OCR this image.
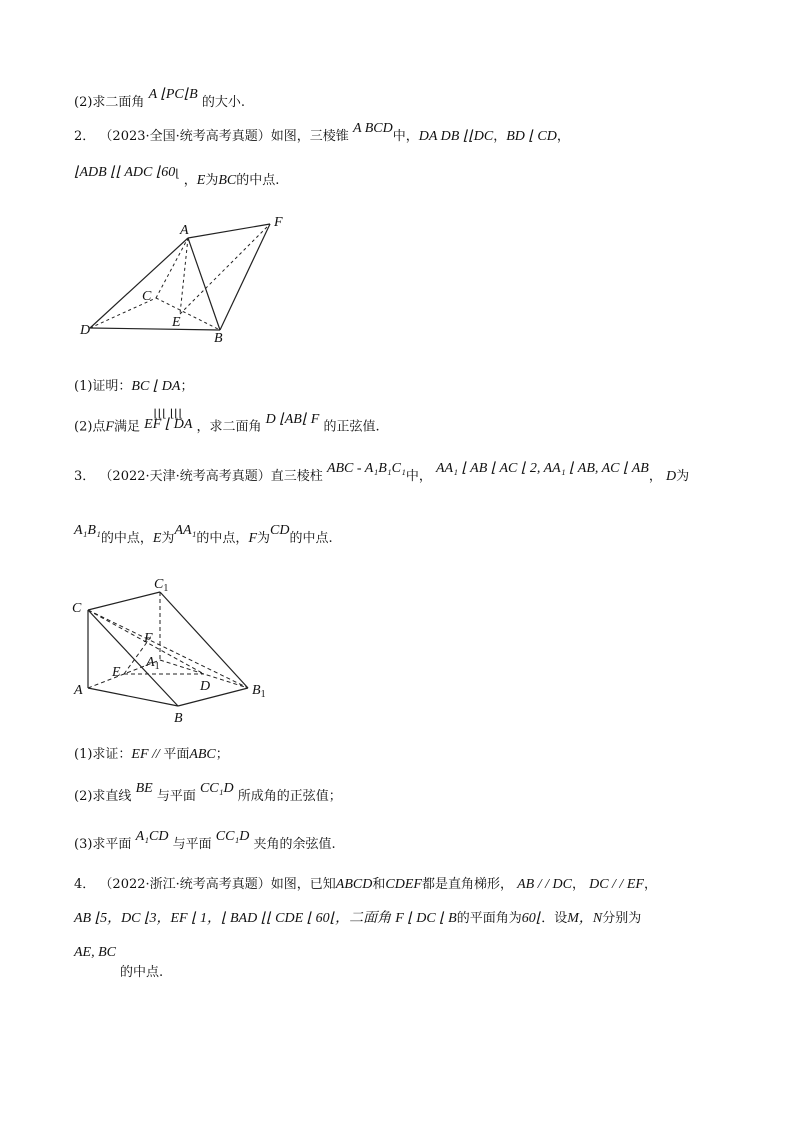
(2)求二面角 A ⌊PC⌊B 的大小.
2． （2023·全国·统考高考真题）如图，三棱锥 A BCD中，DA DB ⌊⌊DC，BD ⌊ CD，
⌊ADB ⌊⌊ ADC ⌊60⌊ ，E为BC的中点.
A
F
C
E
D
B
(1)证明：BC ⌊ DA；
(2)点F满足 ⌊⌊⌊ ⌊⌊⌊
EF ⌊ DA ，求二面角 D ⌊AB⌊ F 的正弦值.
3． （2022·天津·统考高考真题）直三棱柱 ABC - A₁B₁C₁中， AA₁ ⌊ AB ⌊ AC ⌊ 2, AA₁ ⌊ AB, AC ⌊ AB， D为
A₁B₁的中点，E为AA₁的中点，F为CD的中点.
C
$C_1$
F
$A_1$
E
D
A
B
$B_1$
(1)求证：EF // 平面ABC；
(2)求直线 BE 与平面 CC₁D 所成角的正弦值；
(3)求平面 A₁CD 与平面 CC₁D 夹角的余弦值.
4． （2022·浙江·统考高考真题）如图，已知ABCD和CDEF都是直角梯形， AB / / DC， DC / / EF，
AB ⌊5，DC ⌊3，EF ⌊ 1，⌊ BAD ⌊⌊ CDE ⌊ 60⌊，二面角 F ⌊ DC ⌊ B的平面角为60⌊．设M，N分别为
AE, BC
的中点.
